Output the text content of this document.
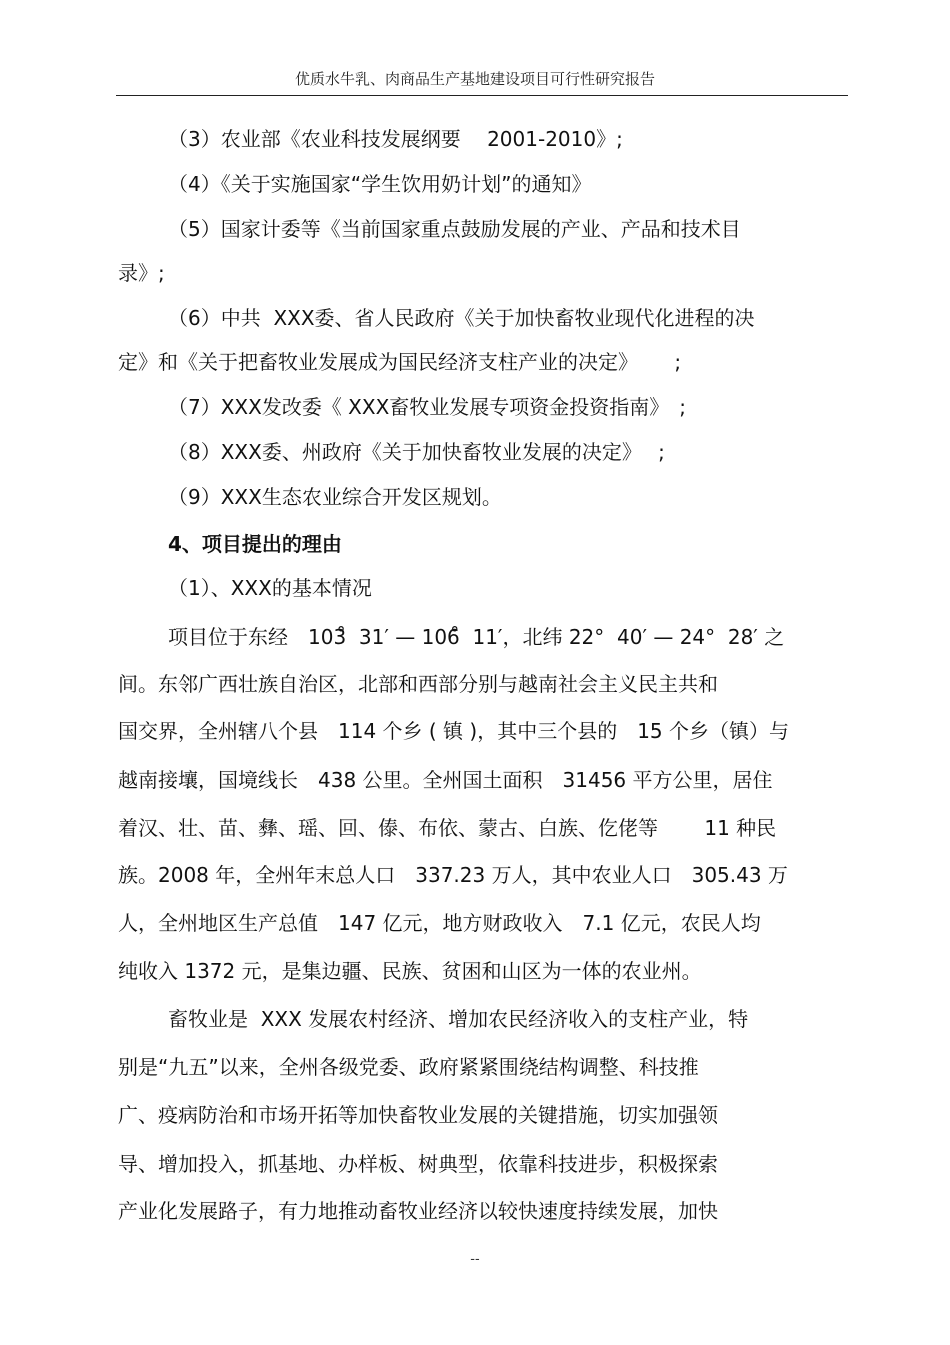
优质水牛乳、肉商品生产基地建设项目可行性研究报告
（3）农业部《农业科技发展纲要　 2001-2010》;
（4）《关于实施国家“学生饮用奶计划”的通知》
（5）国家计委等《当前国家重点鼓励发展的产业、产品和技术目
录》;
（6）中共  XXX委、省人民政府《关于加快畜牧业现代化进程的决
定》和《关于把畜牧业发展成为国民经济支柱产业的决定》　　 ;
（7）XXX发改委《 XXX畜牧业发展专项资金投资指南》　;
（8）XXX委、州政府《关于加快畜牧业发展的决定》　 ;
（9）XXX生态农业综合开发区规划。
4、项目提出的理由
（1）、XXX的基本情况
项目位于东经　103̊  31′ — 106̊  11′，北纬 22°  40′ — 24°  28′ 之
间。东邻广西壮族自治区，北部和西部分别与越南社会主义民主共和
国交界，全州辖八个县　114 个乡 ( 镇 )，其中三个县的　15 个乡（镇）与
越南接壤，国境线长　438 公里。全州国土面积　31456 平方公里，居住
着汉、壮、苗、彝、瑶、回、傣、布依、蒙古、白族、仡佬等　　 11 种民
族。2008 年，全州年末总人口　337.23 万人，其中农业人口　305.43 万
人，全州地区生产总值　147 亿元，地方财政收入　7.1 亿元，农民人均
纯收入 1372 元，是集边疆、民族、贫困和山区为一体的农业州。
畜牧业是  XXX 发展农村经济、增加农民经济收入的支柱产业，特
别是“九五”以来，全州各级党委、政府紧紧围绕结构调整、科技推
广、疫病防治和市场开拓等加快畜牧业发展的关键措施，切实加强领
导、增加投入，抓基地、办样板、树典型，依靠科技进步，积极探索
产业化发展路子，有力地推动畜牧业经济以较快速度持续发展，加快
--
